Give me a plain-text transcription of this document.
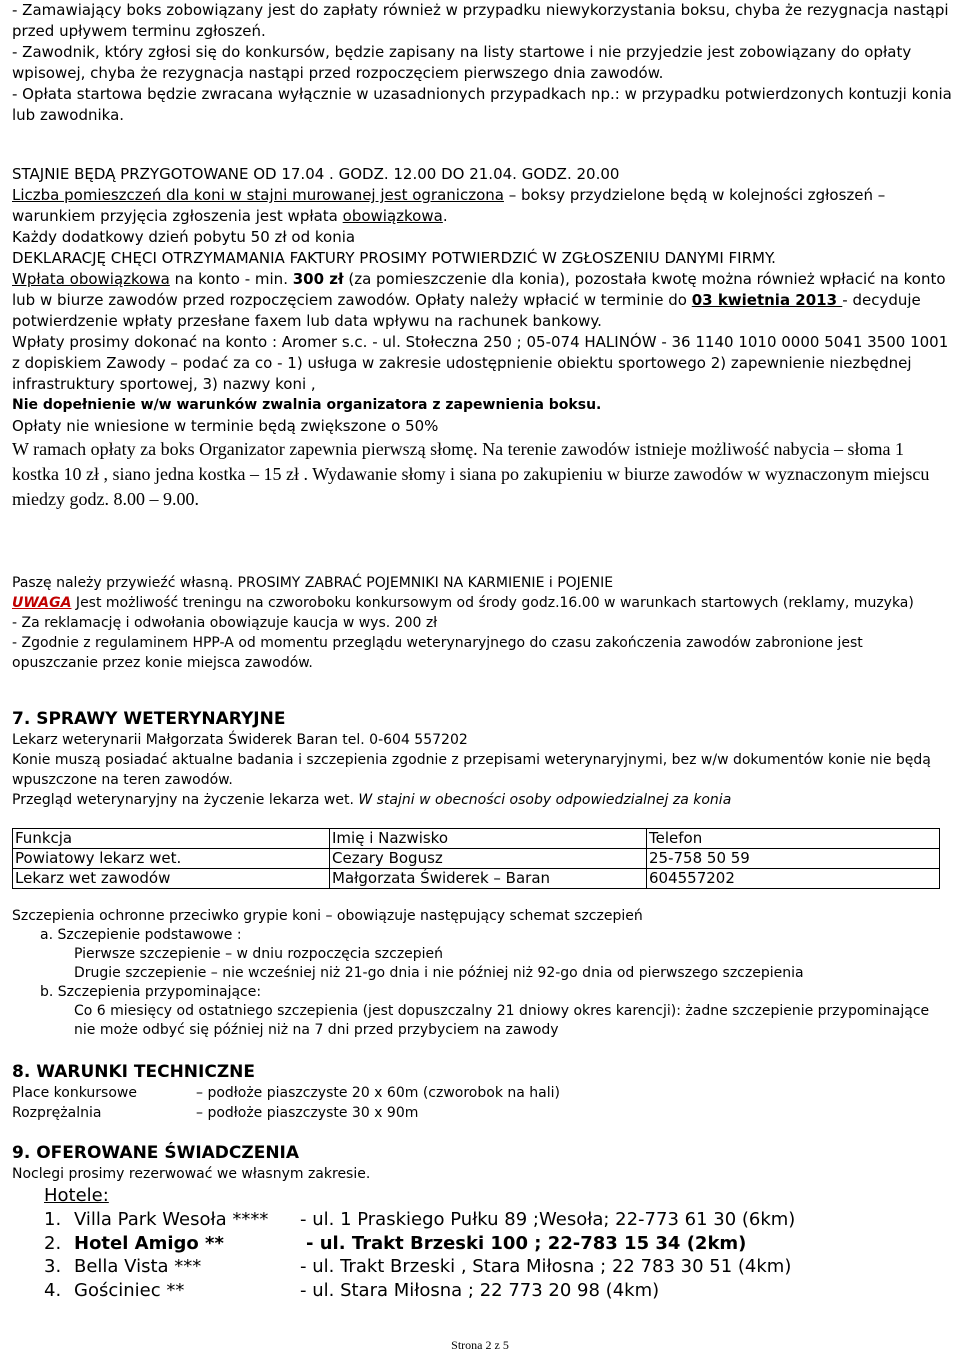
- Zamawiający boks zobowiązany jest do zapłaty również w przypadku niewykorzystania boksu, chyba że rezygnacja nastąpi przed upływem terminu zgłoszeń.

- Zawodnik, który zgłosi się do konkursów, będzie zapisany na listy startowe i nie przyjedzie jest zobowiązany do opłaty wpisowej, chyba że rezygnacja nastąpi przed rozpoczęciem pierwszego dnia zawodów.

- Opłata startowa będzie zwracana wyłącznie w uzasadnionych przypadkach np.: w przypadku potwierdzonych kontuzji konia lub zawodnika.

STAJNIE BĘDĄ PRZYGOTOWANE OD 17.04 . GODZ. 12.00 DO 21.04. GODZ. 20.00

Liczba pomieszczeń dla koni w stajni murowanej jest ograniczona – boksy przydzielone będą w kolejności zgłoszeń – warunkiem przyjęcia zgłoszenia jest wpłata obowiązkowa.

Każdy dodatkowy dzień pobytu 50 zł od konia

DEKLARACJĘ CHĘCI OTRZYMAMANIA FAKTURY PROSIMY POTWIERDZIĆ W ZGŁOSZENIU DANYMI FIRMY.

Wpłata obowiązkowa na konto - min. 300 zł (za pomieszczenie dla konia), pozostała kwotę można również wpłacić na konto lub w biurze zawodów przed rozpoczęciem zawodów. Opłaty należy wpłacić w terminie do 03 kwietnia 2013 - decyduje potwierdzenie wpłaty przesłane faxem lub data wpływu na rachunek bankowy.

Wpłaty prosimy dokonać na konto : Aromer s.c. - ul. Stołeczna 250 ; 05-074 HALINÓW - 36 1140 1010 0000 5041 3500 1001

z dopiskiem Zawody – podać za co - 1) usługa w zakresie udostępnienie obiektu sportowego 2) zapewnienie niezbędnej infrastruktury sportowej, 3) nazwy koni ,

Nie dopełnienie w/w warunków zwalnia organizatora z zapewnienia boksu.

Opłaty nie wniesione w terminie będą zwiększone o 50%

W ramach opłaty za boks Organizator zapewnia pierwszą słomę. Na terenie zawodów istnieje możliwość nabycia – słoma 1 kostka 10 zł , siano jedna kostka – 15 zł . Wydawanie słomy i siana po zakupieniu w biurze zawodów w wyznaczonym miejscu miedzy godz. 8.00 – 9.00.

Paszę należy przywieźć własną. PROSIMY ZABRAĆ POJEMNIKI NA KARMIENIE i POJENIE

UWAGA Jest możliwość treningu na czworoboku konkursowym od środy godz.16.00 w warunkach startowych (reklamy, muzyka)

- Za reklamację i odwołania obowiązuje kaucja w wys. 200 zł

- Zgodnie z regulaminem HPP-A od momentu przeglądu weterynaryjnego do czasu zakończenia zawodów zabronione jest opuszczanie przez konie miejsca zawodów.

7. SPRAWY WETERYNARYJNE

Lekarz weterynarii Małgorzata Świderek Baran tel. 0-604 557202

Konie muszą posiadać aktualne badania i szczepienia zgodnie z przepisami weterynaryjnymi, bez w/w dokumentów konie nie będą wpuszczone na teren zawodów.

Przegląd weterynaryjny na życzenie lekarza wet. W stajni w obecności osoby odpowiedzialnej za konia

Funkcja	Imię i Nazwisko	Telefon
Powiatowy lekarz wet.	Cezary Bogusz	25-758 50 59
Lekarz wet zawodów	Małgorzata Świderek – Baran	604557202

Szczepienia ochronne przeciwko grypie koni – obowiązuje następujący schemat szczepień

a. Szczepienie podstawowe :

Pierwsze szczepienie – w dniu rozpoczęcia szczepień

Drugie szczepienie – nie wcześniej niż 21-go dnia i nie później niż 92-go dnia od pierwszego szczepienia

b. Szczepienia przypominające:

Co 6 miesięcy od ostatniego szczepienia (jest dopuszczalny 21 dniowy okres karencji): żadne szczepienie przypominające nie może odbyć się później niż na 7 dni przed przybyciem na zawody

8. WARUNKI TECHNICZNE
Place konkursowe	– podłoże piaszczyste 20 x 60m (czworobok na hali)
Rozprężalnia	– podłoże piaszczyste 30 x 90m
9. OFEROWANE ŚWIADCZENIA

Noclegi prosimy rezerwować we własnym zakresie.

Hotele:

1. Villa Park Wesoła ****	- ul. 1 Praskiego Pułku 89 ;Wesoła; 22-773 61 30 (6km)
2. Hotel Amigo **	- ul. Trakt Brzeski 100 ; 22-783 15 34 (2km)
3. Bella Vista ***	- ul. Trakt Brzeski , Stara Miłosna ; 22 783 30 51 (4km)
4. Gościniec **	- ul. Stara Miłosna ; 22 773 20 98 (4km)
Strona 2 z 5
